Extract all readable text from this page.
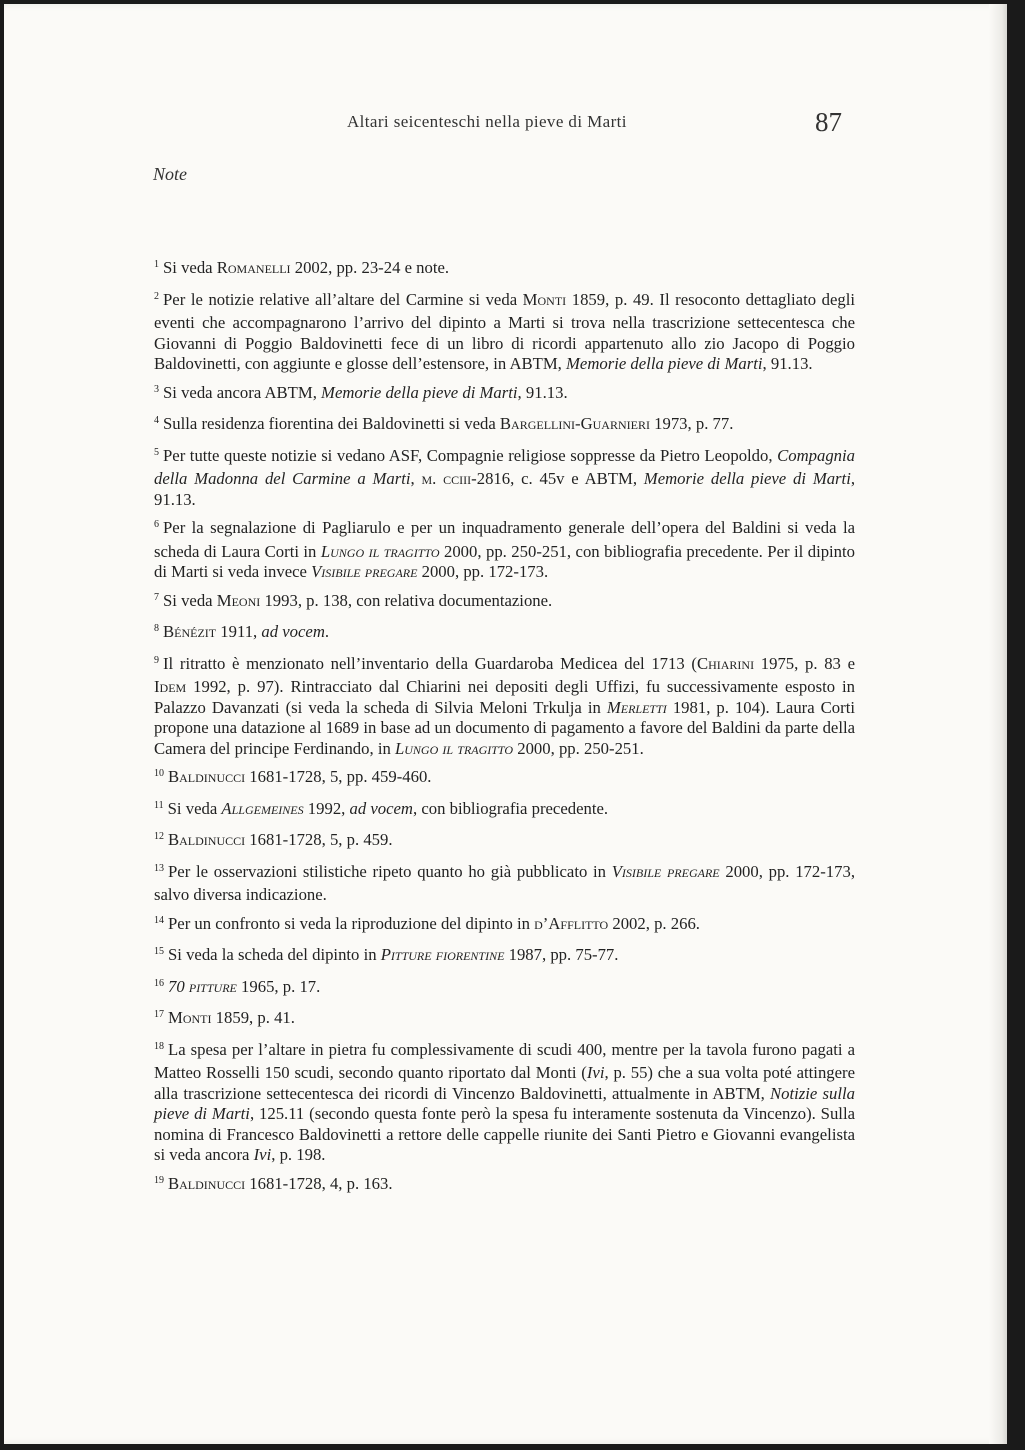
Altari seicenteschi nella pieve di Marti	87
Note

$^1$ Si veda Romanelli 2002, pp. 23-24 e note.

$^2$ Per le notizie relative all’altare del Carmine si veda Monti 1859, p. 49. Il resoconto dettagliato degli eventi che accompagnarono l’arrivo del dipinto a Marti si trova nella trascrizione settecentesca che Giovanni di Poggio Baldovinetti fece di un libro di ricordi appartenuto allo zio Jacopo di Poggio Baldovinetti, con aggiunte e glosse dell’estensore, in ABTM, Memorie della pieve di Marti, 91.13.

$^3$ Si veda ancora ABTM, Memorie della pieve di Marti, 91.13.

$^4$ Sulla residenza fiorentina dei Baldovinetti si veda Bargellini-Guarnieri 1973, p. 77.

$^5$ Per tutte queste notizie si vedano ASF, Compagnie religiose soppresse da Pietro Leopoldo, Compagnia della Madonna del Carmine a Marti, m. cciii-2816, c. 45v e ABTM, Memorie della pieve di Marti, 91.13.

$^6$ Per la segnalazione di Pagliarulo e per un inquadramento generale dell’opera del Baldini si veda la scheda di Laura Corti in Lungo il tragitto 2000, pp. 250-251, con bibliografia precedente. Per il dipinto di Marti si veda invece Visibile pregare 2000, pp. 172-173.

$^7$ Si veda Meoni 1993, p. 138, con relativa documentazione.

$^8$ Bénézit 1911, ad vocem.

$^9$ Il ritratto è menzionato nell’inventario della Guardaroba Medicea del 1713 (Chiarini 1975, p. 83 e Idem 1992, p. 97). Rintracciato dal Chiarini nei depositi degli Uffizi, fu successivamente esposto in Palazzo Davanzati (si veda la scheda di Silvia Meloni Trkulja in Merletti 1981, p. 104). Laura Corti propone una datazione al 1689 in base ad un documento di pagamento a favore del Baldini da parte della Camera del principe Ferdinando, in Lungo il tragitto 2000, pp. 250-251.

$^{10}$ Baldinucci 1681-1728, 5, pp. 459-460.

$^{11}$ Si veda Allgemeines 1992, ad vocem, con bibliografia precedente.

$^{12}$ Baldinucci 1681-1728, 5, p. 459.

$^{13}$ Per le osservazioni stilistiche ripeto quanto ho già pubblicato in Visibile pregare 2000, pp. 172-173, salvo diversa indicazione.

$^{14}$ Per un confronto si veda la riproduzione del dipinto in d’Afflitto 2002, p. 266.

$^{15}$ Si veda la scheda del dipinto in Pitture fiorentine 1987, pp. 75-77.

$^{16}$ 70 pitture 1965, p. 17.

$^{17}$ Monti 1859, p. 41.

$^{18}$ La spesa per l’altare in pietra fu complessivamente di scudi 400, mentre per la tavola furono pagati a Matteo Rosselli 150 scudi, secondo quanto riportato dal Monti (Ivi, p. 55) che a sua volta poté attingere alla trascrizione settecentesca dei ricordi di Vincenzo Baldovinetti, attualmente in ABTM, Notizie sulla pieve di Marti, 125.11 (secondo questa fonte però la spesa fu interamente sostenuta da Vincenzo). Sulla nomina di Francesco Baldovinetti a rettore delle cappelle riunite dei Santi Pietro e Giovanni evangelista si veda ancora Ivi, p. 198.

$^{19}$ Baldinucci 1681-1728, 4, p. 163.
